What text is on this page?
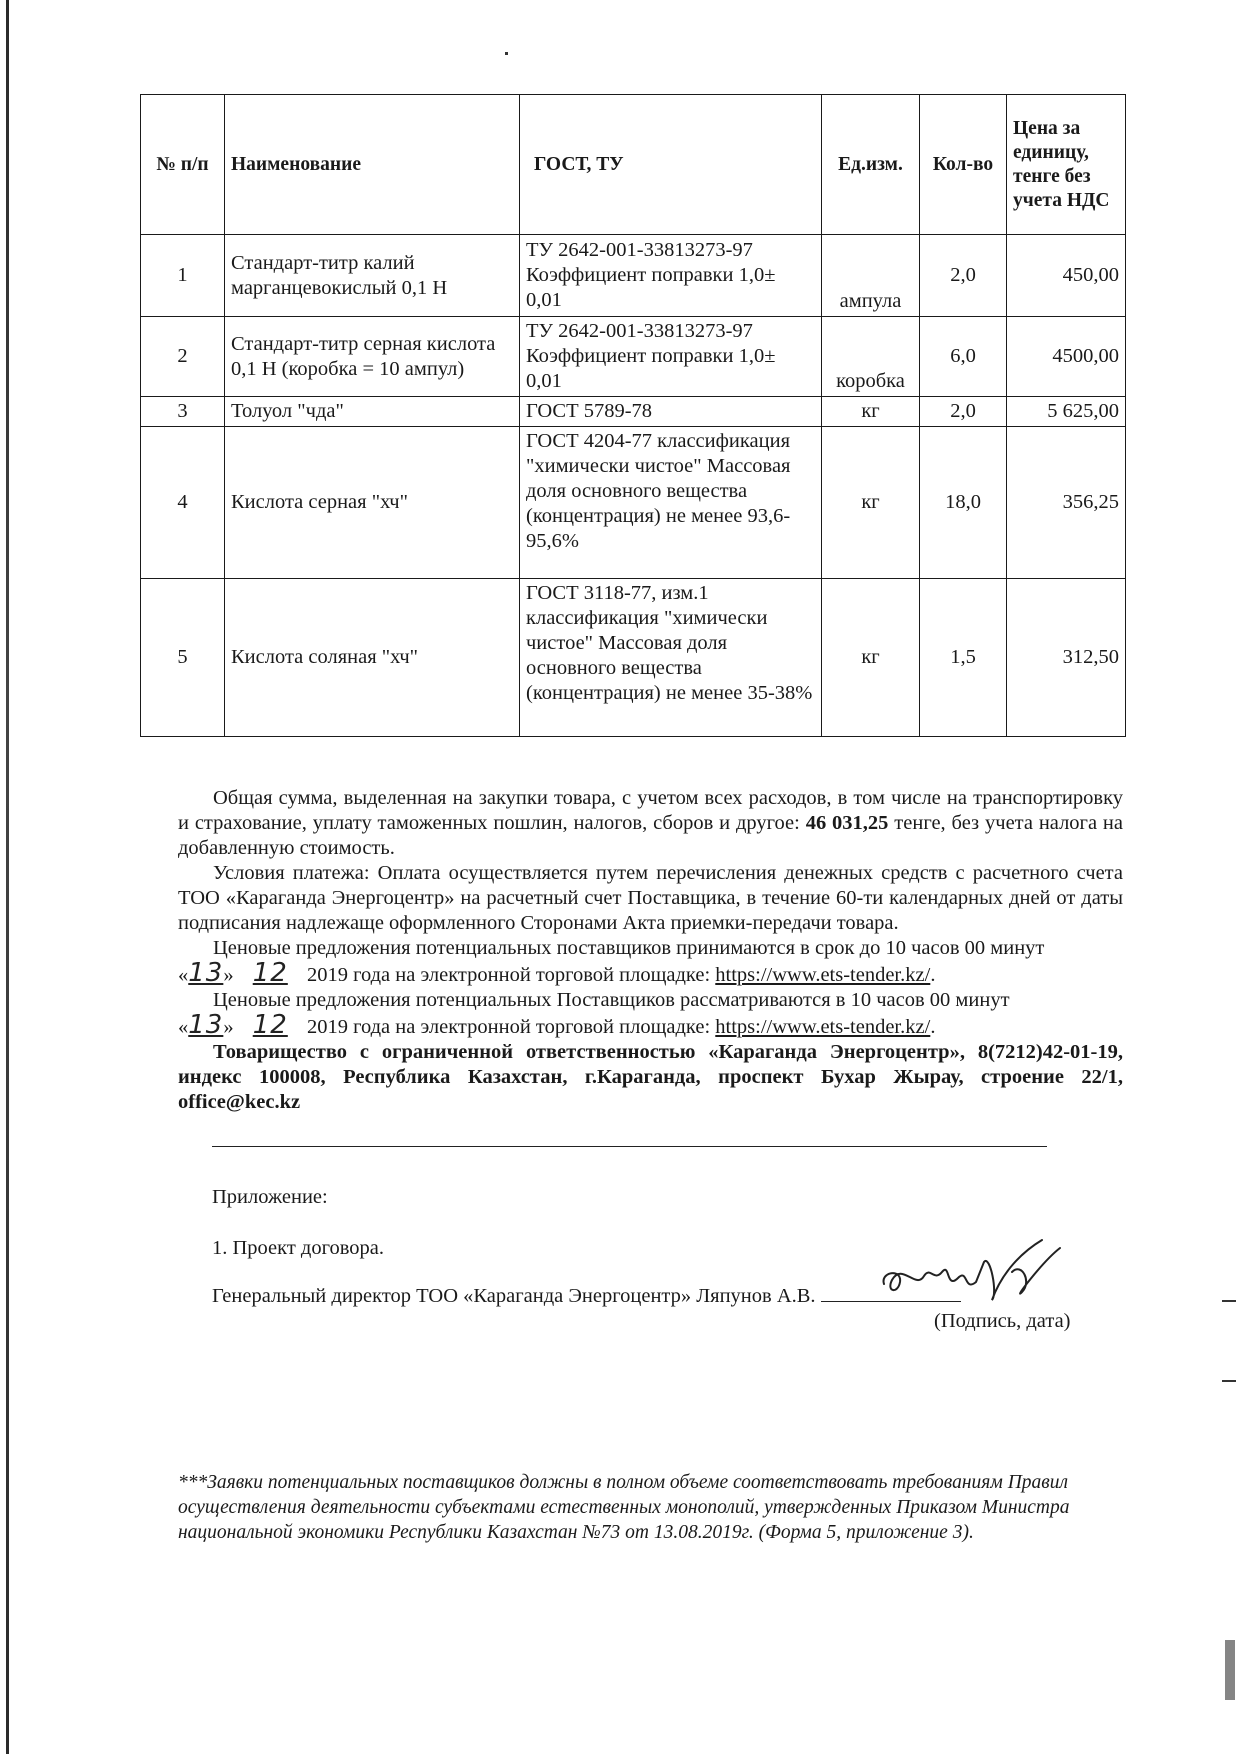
№ п/п	Наименование	ГОСТ, ТУ	Ед.изм.	Кол-во	Цена за единицу, тенге без учета НДС
1	Стандарт-титр калий марганцевокислый 0,1 Н	ТУ 2642-001-33813273-97 Коэффициент поправки 1,0± 0,01	ампула	2,0	450,00
2	Стандарт-титр серная кислота 0,1 Н (коробка = 10 ампул)	ТУ 2642-001-33813273-97 Коэффициент поправки 1,0± 0,01	коробка	6,0	4500,00
3	Толуол "чда"	ГОСТ 5789-78	кг	2,0	5 625,00
4	Кислота серная "хч"	ГОСТ 4204-77 классификация "химически чистое" Массовая доля основного вещества (концентрация) не менее 93,6-95,6%	кг	18,0	356,25
5	Кислота соляная "хч"	ГОСТ 3118-77, изм.1 классификация "химически чистое" Массовая доля основного вещества (концентрация) не менее 35-38%	кг	1,5	312,50

Общая сумма, выделенная на закупки товара, с учетом всех расходов, в том числе на транспортировку и страхование, уплату таможенных пошлин, налогов, сборов и другое: 46 031,25 тенге, без учета налога на добавленную стоимость.

Условия платежа: Оплата осуществляется путем перечисления денежных средств с расчетного счета ТОО «Караганда Энергоцентр» на расчетный счет Поставщика, в течение 60-ти календарных дней от даты подписания надлежаще оформленного Сторонами Акта приемки-передачи товара.

Ценовые предложения потенциальных поставщиков принимаются в срок до 10 часов 00 минут

«13» 12 2019 года на электронной торговой площадке: https://www.ets-tender.kz/.

Ценовые предложения потенциальных Поставщиков рассматриваются в 10 часов 00 минут

«13» 12 2019 года на электронной торговой площадке: https://www.ets-tender.kz/.

Товарищество с ограниченной ответственностью «Караганда Энергоцентр», 8(7212)42-01-19, индекс 100008, Республика Казахстан, г.Караганда, проспект Бухар Жырау, строение 22/1, office@kec.kz

Приложение:
1. Проект договора.
Генеральный директор ТОО «Караганда Энергоцентр» Ляпунов А.В.
(Подпись, дата)
***Заявки потенциальных поставщиков должны в полном объеме соответствовать требованиям Правил осуществления деятельности субъектами естественных монополий, утвержденных Приказом Министра национальной экономики Республики Казахстан №73 от 13.08.2019г. (Форма 5, приложение 3).
